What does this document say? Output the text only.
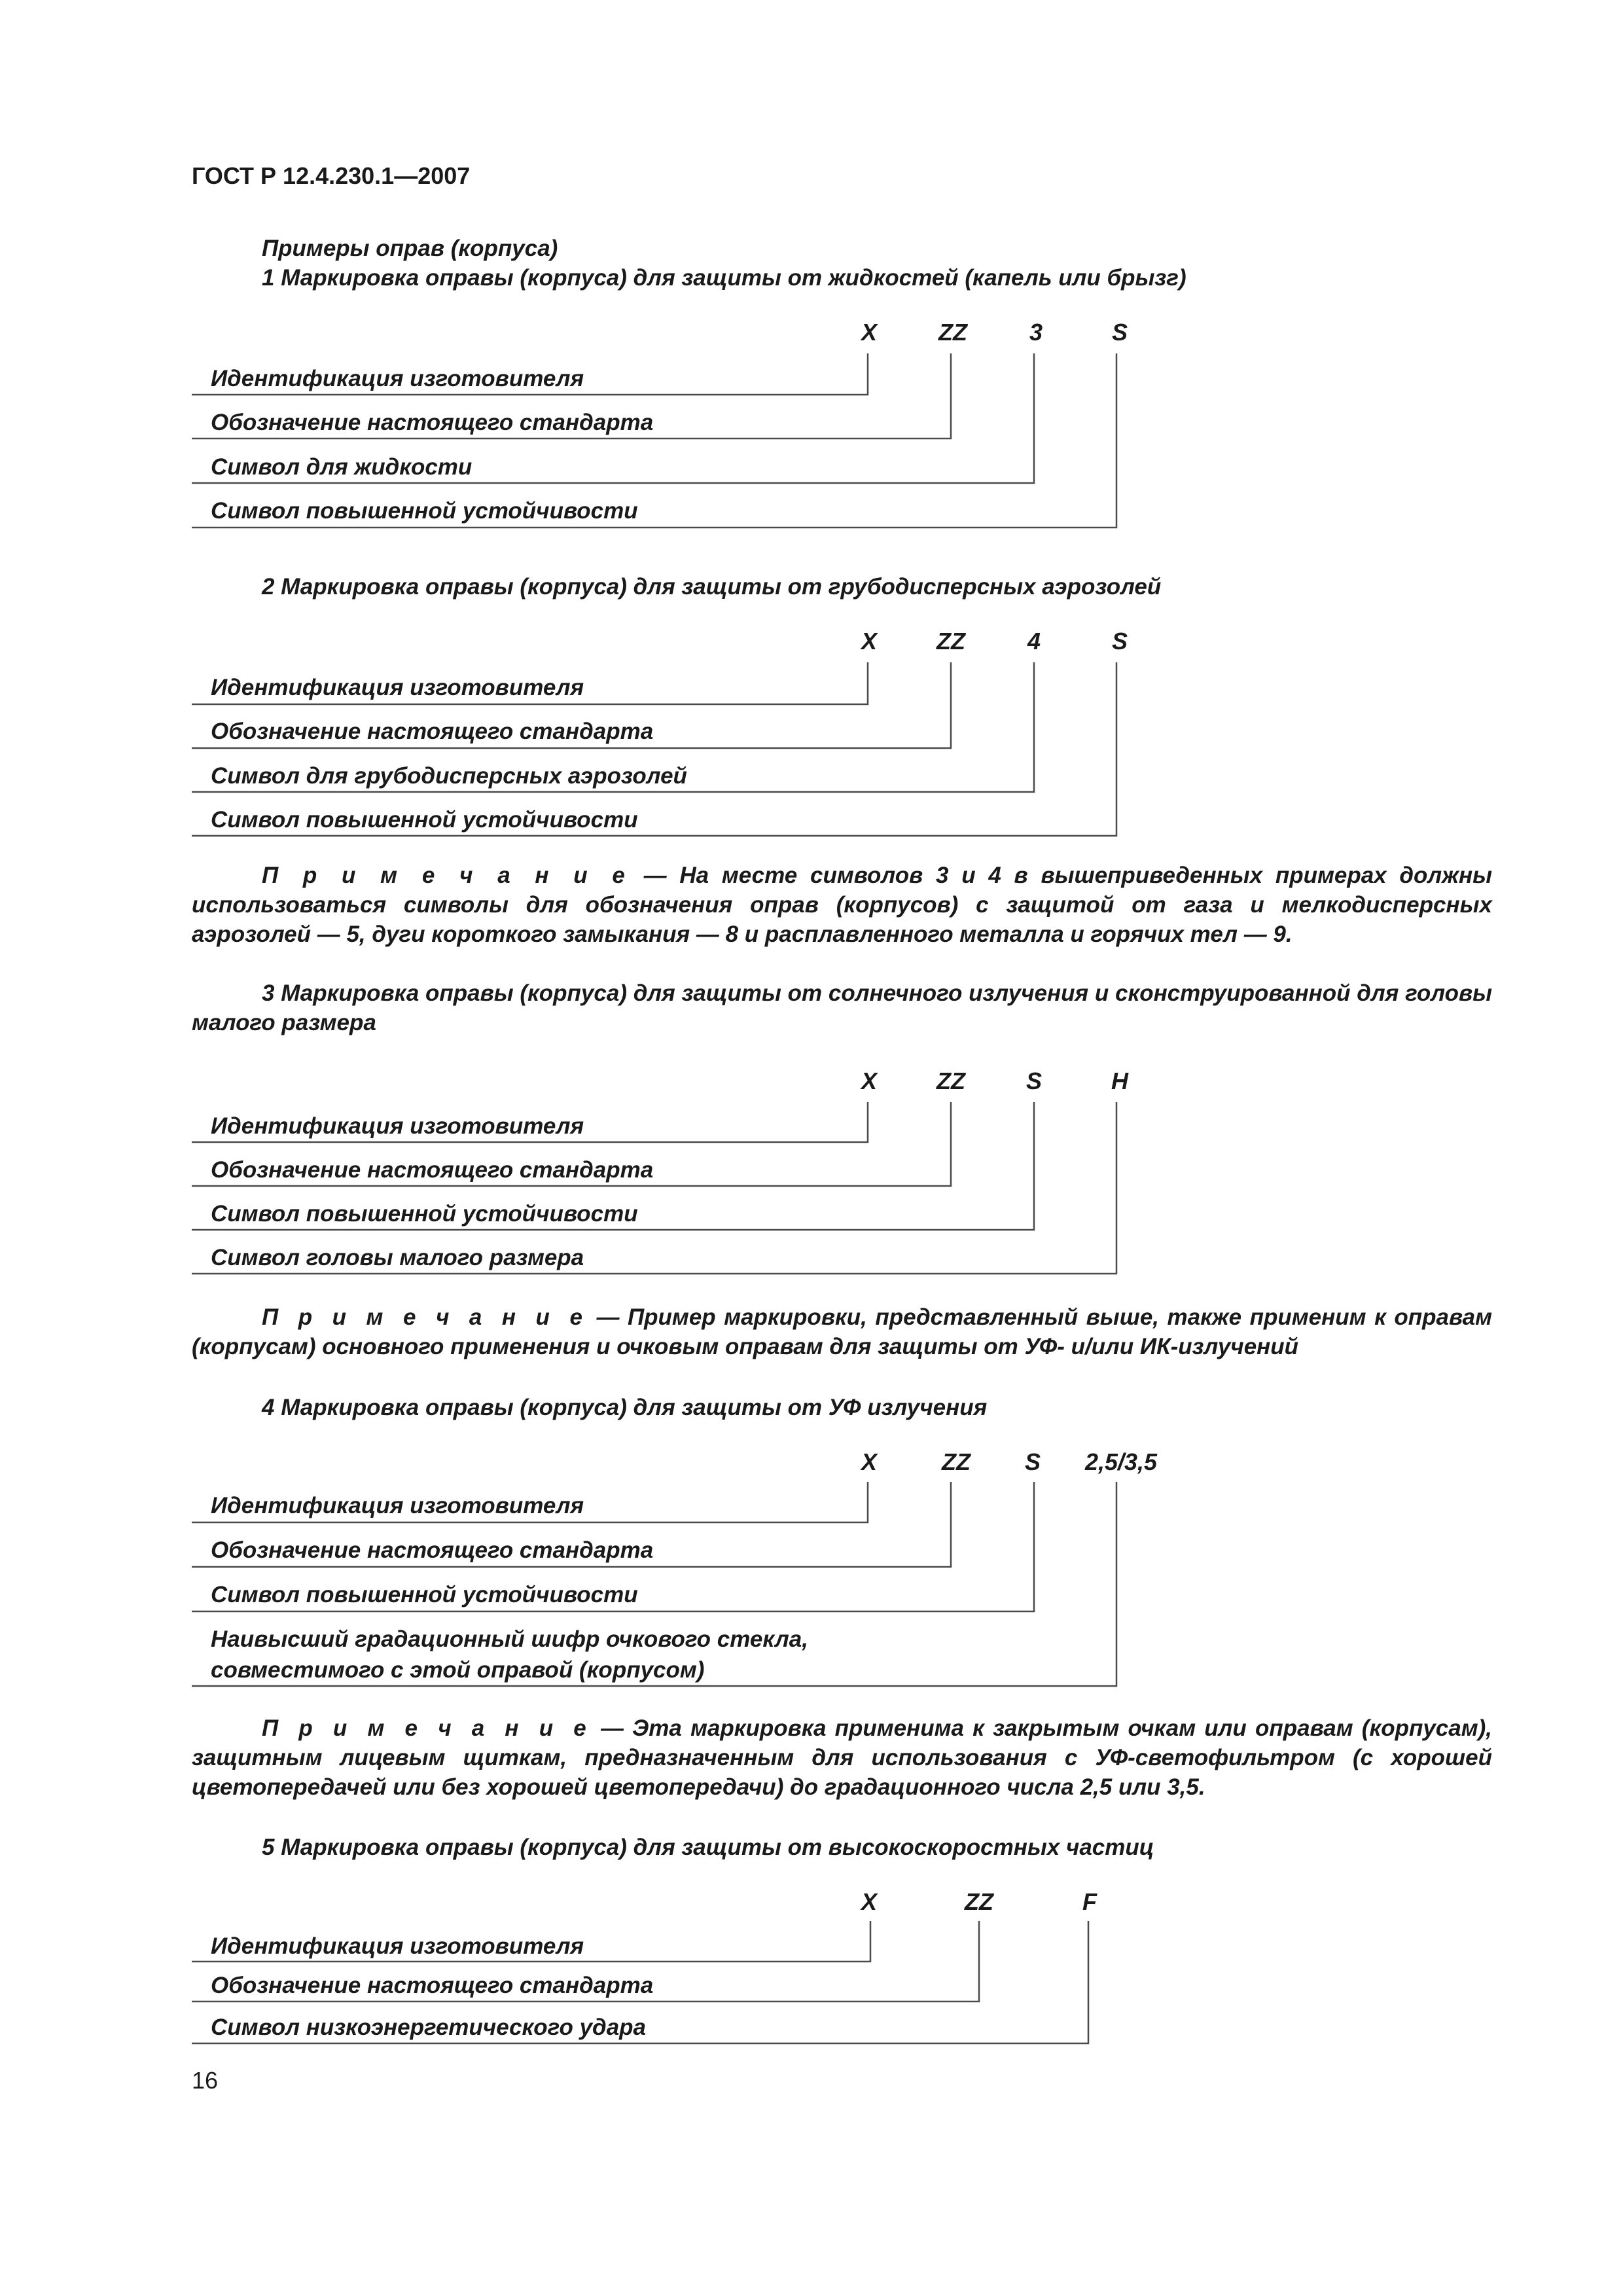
ГОСТ Р 12.4.230.1—2007
Примеры оправ (корпуса)
1 Маркировка оправы (корпуса) для защиты от жидкостей (капель или брызг)
X	ZZ	3	S
Идентификация изготовителя
Обозначение настоящего стандарта
Символ для жидкости
Символ повышенной устойчивости
2 Маркировка оправы (корпуса) для защиты от грубодисперсных аэрозолей
X	ZZ	4	S
Идентификация изготовителя
Обозначение настоящего стандарта
Символ для грубодисперсных аэрозолей
Символ повышенной устойчивости
П р и м е ч а н и е — На месте символов 3 и 4 в вышеприведенных примерах должны использоваться символы для обозначения оправ (корпусов) с защитой от газа и мелкодисперсных аэрозолей — 5, дуги короткого замыкания — 8 и расплавленного металла и горячих тел — 9.
3 Маркировка оправы (корпуса) для защиты от солнечного излучения и сконструированной для головы малого размера
X	ZZ	S	H
Идентификация изготовителя
Обозначение настоящего стандарта
Символ повышенной устойчивости
Символ головы малого размера
П р и м е ч а н и е — Пример маркировки, представленный выше, также применим к оправам (корпусам) основного применения и очковым оправам для защиты от УФ- и/или ИК-излучений
4 Маркировка оправы (корпуса) для защиты от УФ излучения
X	ZZ S 2,5/3,5
Идентификация изготовителя
Обозначение настоящего стандарта
Символ повышенной устойчивости
Наивысший градационный шифр очкового стекла,
совместимого с этой оправой (корпусом)
П р и м е ч а н и е — Эта маркировка применима к закрытым очкам или оправам (корпусам), защитным лицевым щиткам, предназначенным для использования с УФ-светофильтром (с хорошей цветопередачей или без хорошей цветопередачи) до градационного числа 2,5 или 3,5.
5 Маркировка оправы (корпуса) для защиты от высокоскоростных частиц
X	ZZ	F
Идентификация изготовителя
Обозначение настоящего стандарта
Символ низкоэнергетического удара
16
